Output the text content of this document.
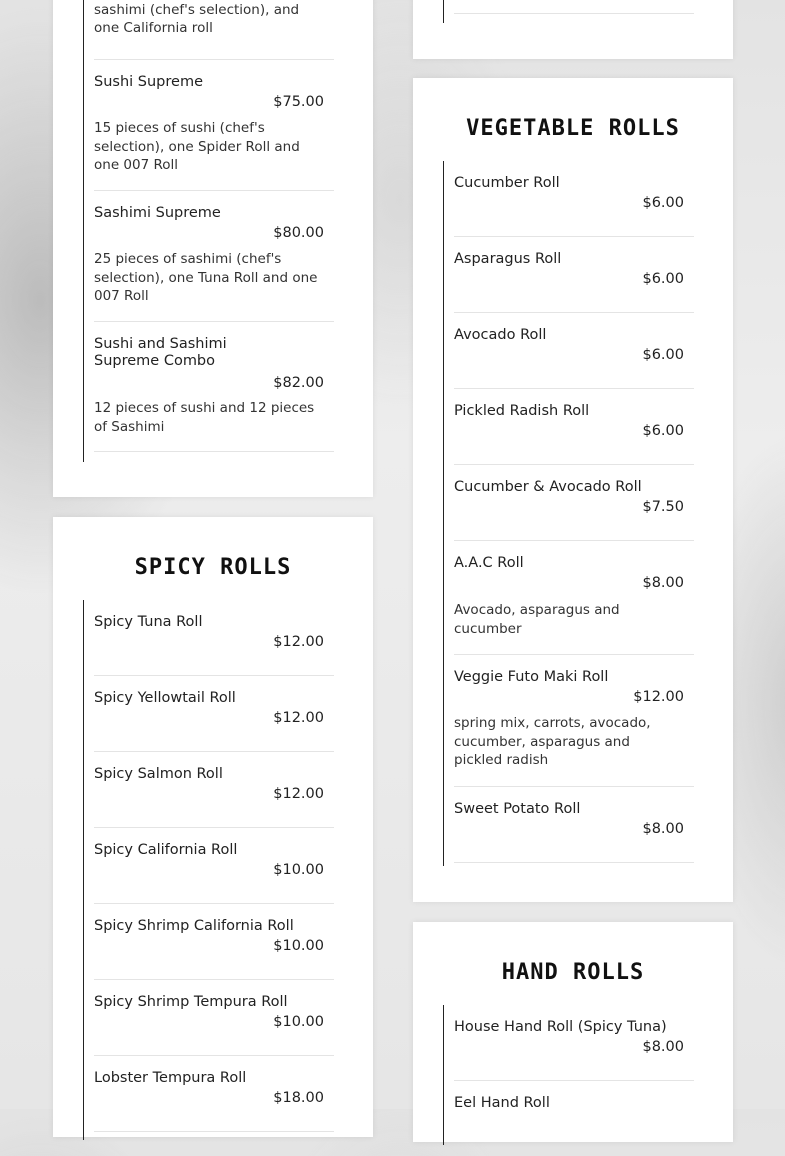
sashimi (chef's selection), and one California roll
Sushi Supreme
$75.00
15 pieces of sushi (chef's selection), one Spider Roll and one 007 Roll
Sashimi Supreme
$80.00
25 pieces of sashimi (chef's selection), one Tuna Roll and one 007 Roll
Sushi and Sashimi Supreme Combo
$82.00
12 pieces of sushi and 12 pieces of Sashimi
SPICY ROLLS
Spicy Tuna Roll
$12.00
Spicy Yellowtail Roll
$12.00
Spicy Salmon Roll
$12.00
Spicy California Roll
$10.00
Spicy Shrimp California Roll
$10.00
Spicy Shrimp Tempura Roll
$10.00
Lobster Tempura Roll
$18.00
VEGETABLE ROLLS
Cucumber Roll
$6.00
Asparagus Roll
$6.00
Avocado Roll
$6.00
Pickled Radish Roll
$6.00
Cucumber & Avocado Roll
$7.50
A.A.C Roll
$8.00
Avocado, asparagus and cucumber
Veggie Futo Maki Roll
$12.00
spring mix, carrots, avocado, cucumber, asparagus and pickled radish
Sweet Potato Roll
$8.00
HAND ROLLS
House Hand Roll (Spicy Tuna)
$8.00
Eel Hand Roll
